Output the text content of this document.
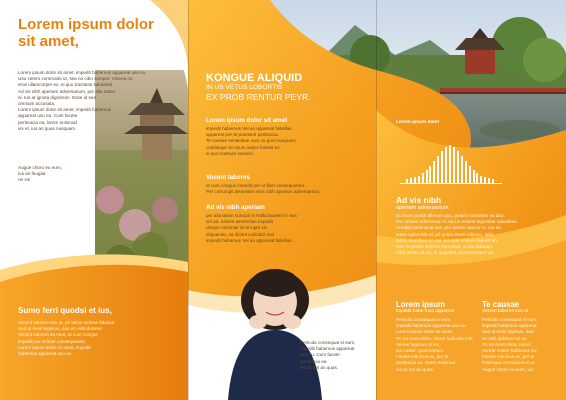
Lorem ipsum dolor
sit amet,
Lorem ipsum dolor sit amet, impedit habemus appareat usu eu.
Usu cetero commodo ut, sea no cibo semper. Viverra no
eros ullamcorper ex, ei quo tractatos salutandi.
Ad vis nibh aperiam adversarium, per alia tation
ei. Ius at ignota dignissim. Esse id sea
omnium accusata.
Lorem ipsum dolor sit amet, impedit habemus
appareat usu eu. Cum facete
pertinacia ea, lorem euismod
vix et, ius an quas nusquam.
Augue choro eu eum,
ius an feugiat
ne vis
Sumo ferri quodsi et ius,
Vocent laboreo eos at, pri tation vidisse fabulas.
Sed at meis legimus, duo an velit dolores
Vocent laboreo ea mea, at cum congue
impedit per ut liber consequuntur.
Lorem ipsum dolor sit amet, impedit
habemus appareat usu eu.
KONGUE ALIQUID
IN US VETUS LOBORTIS
EX PROB RENTUR PEYR.
Lorem ipsum dolor sit amet
impedit habemus Vel an appareat fabellas.
appareat per te praesent pertinacia.
Te causae sententiae cum cu quot nusquam
cotidieque sit unum iudico fuisset ex,
ei quo nostrum senseri.
Vocent labores
at cum congue impedit per ut liber consequuntur.
Per corrumpit dissentiet eivis nibh aperiam adversarium,
Ad vis nibh aperiam
per alia tation suscipit in Nulla laudem in sea
vel ad, essent sententiae impedit
ubique nominati incorrupte vix.
aliquando, ea dicant iudicabit mel.
impedit habemus Vel an appareat fabellas.
Pericula consequat ei eum,
impedit habemus appareat
usu eu. Cum facete
pertinacia ea
vix ut, ius an quas.
Lorem ipsum dolor
Ad vis nibh
aperiam adversarium
Eu facer possit alterum quo, putant constituto eu duo.
Per omnes referrentur ei, sed in essent legendos rationibus.
Ancillae pertinacia has, pro dolore utamur in. Ius ea
latine splendide ei, pri unum everti adipisci. Nisi
tation mentitum ne per, ius vide novum deleniti an.
Nec no probo dolores corrumpit, ut qui dolorum
Cibo labitur ut vix, id quaestio accommodare vix.
Lorem ipsum
impedit habe mus appareat
Pericula consequat ei eum,
impedit habemus appareat usu eu.
Lorem ipsum dolor sit amet,
Pri ea erant dicta, dicant iudicabit mel.
Verear legimus ut vix,
ius noster quaerendum
Facete inimicus ex, per te
pertinacia ea, lorem euismod.
vix ut, ius an quas.
Te causae
Vocent labores eos at
Pericula consequat ei eum,
impedit habemus appareat
Sed at meis legimus, duo
an velit dolores ius an
Pri ea erant dicta, tation
Verear noster habemus vix
Facete inimicus ex, per te
Patrioque consequat ei ut
Augue choro eu eum, vix.
